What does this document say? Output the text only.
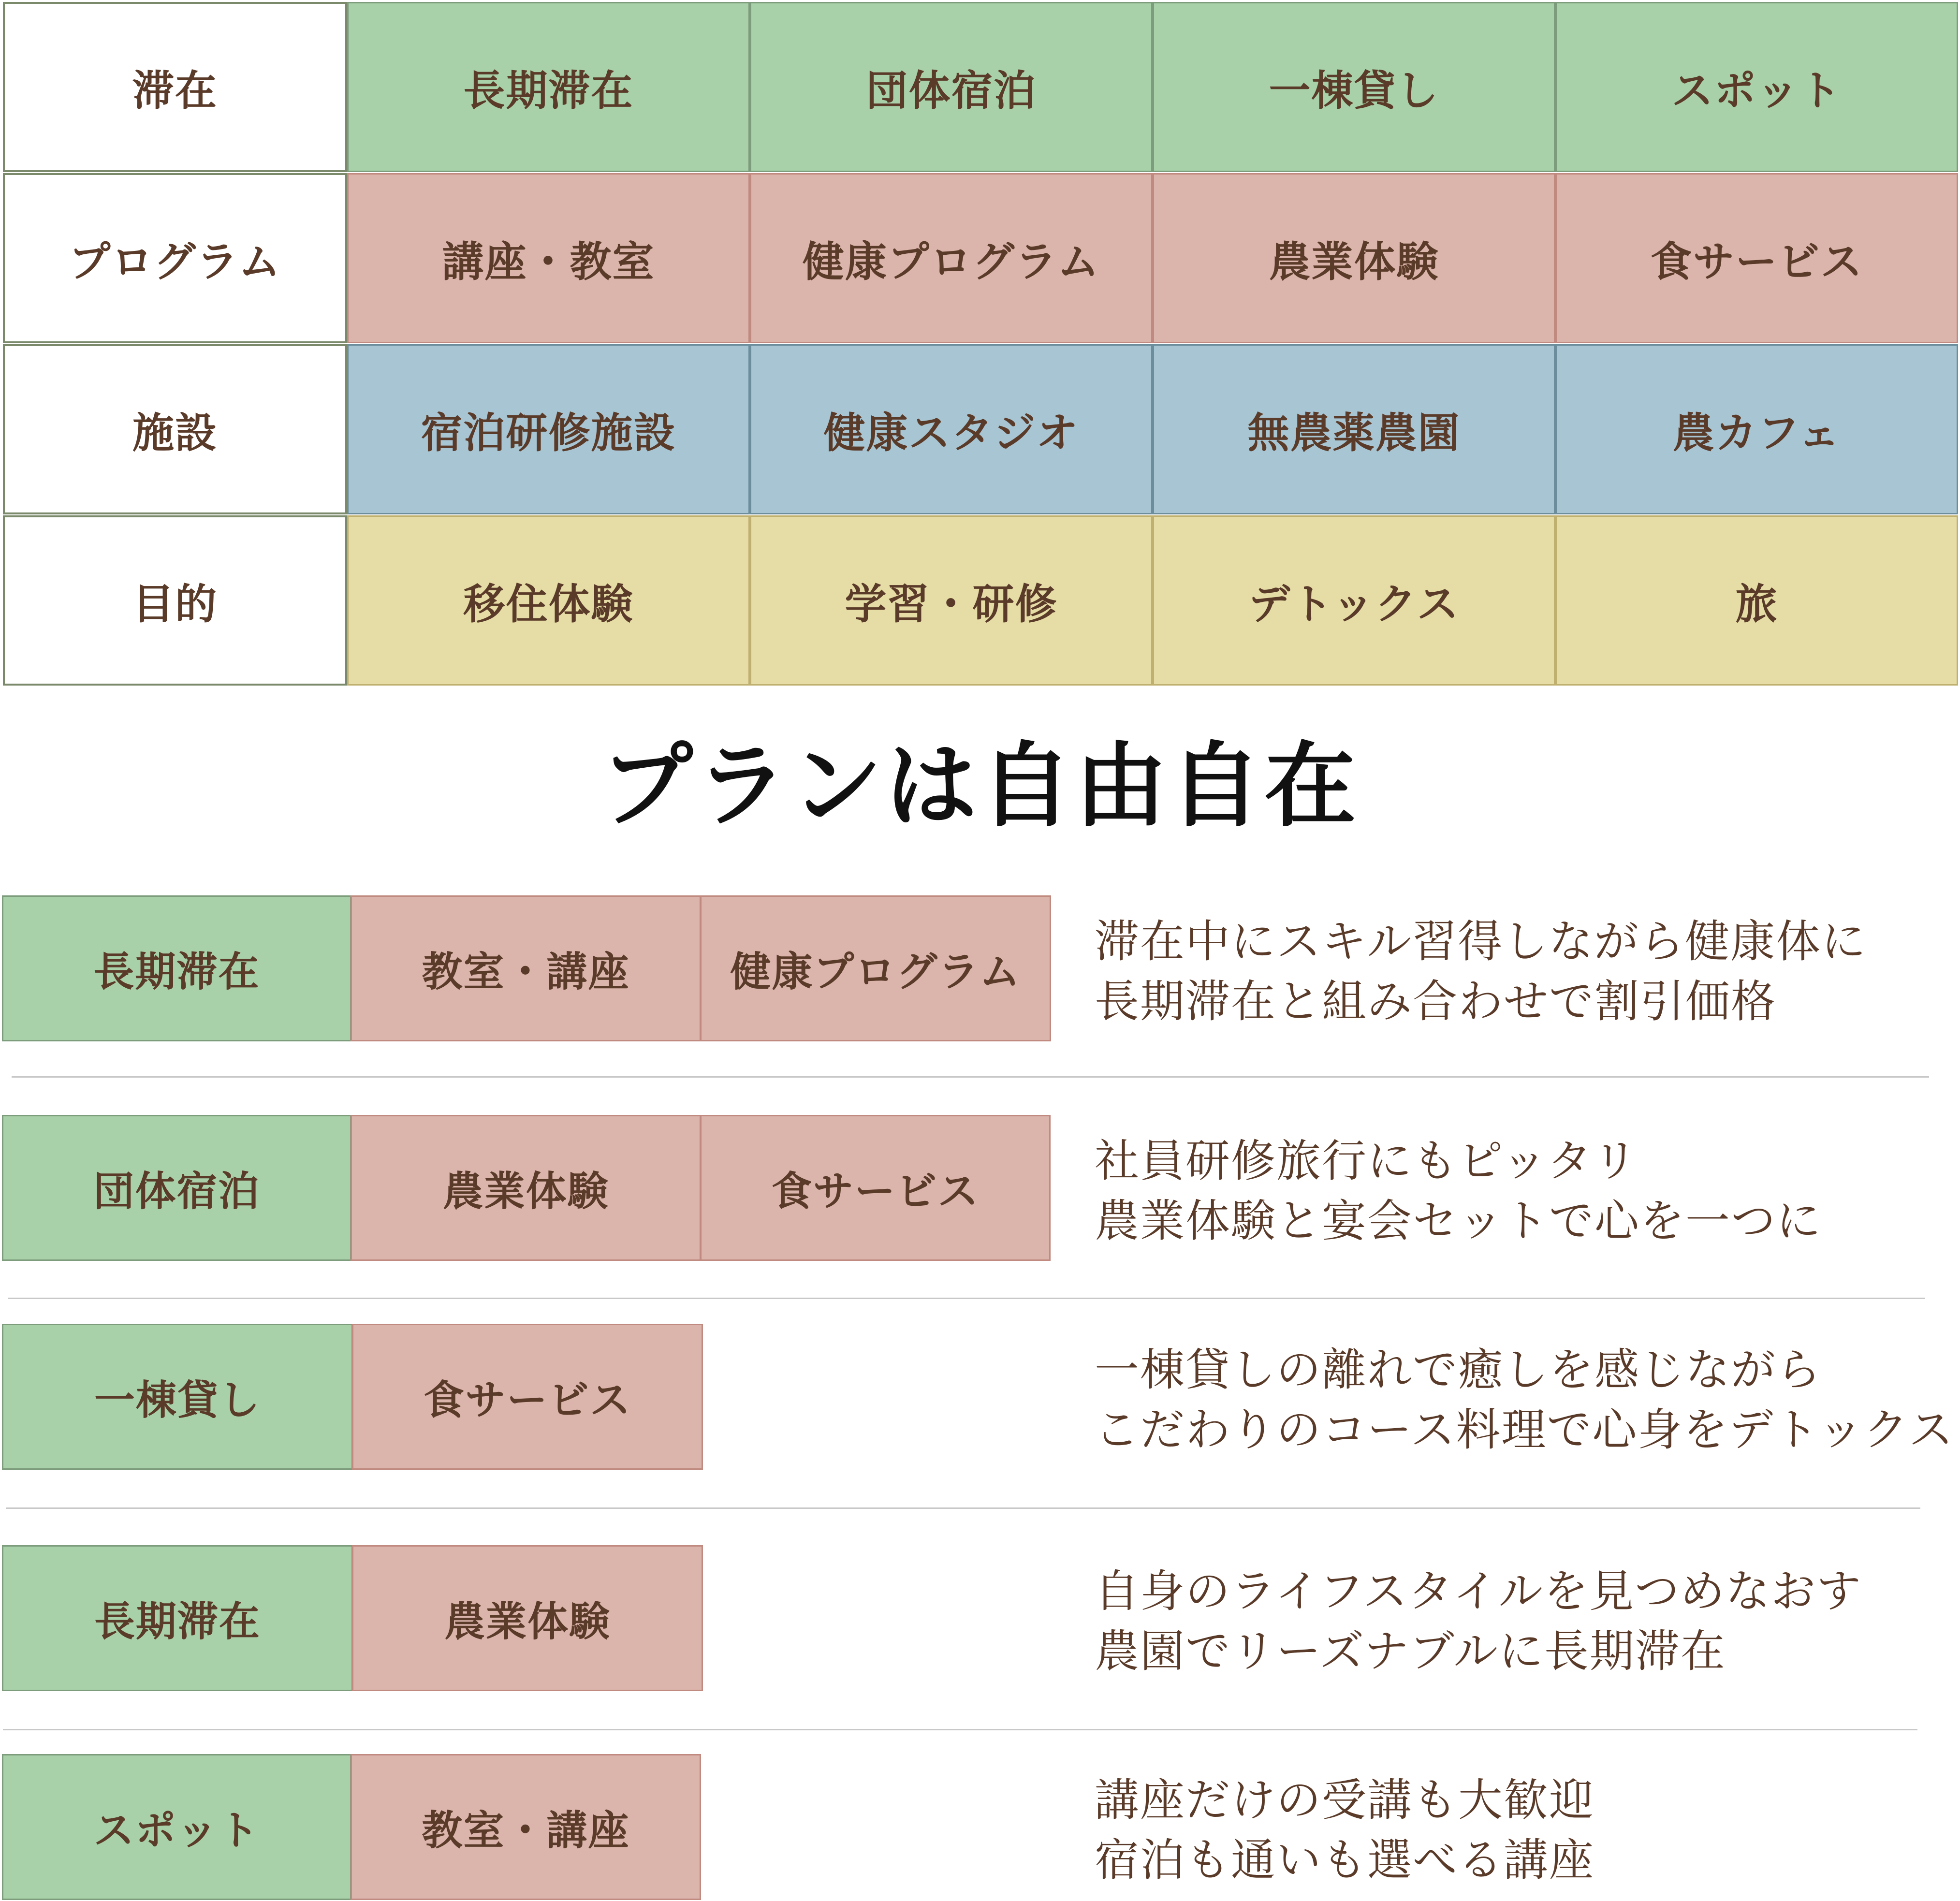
滞在	長期滞在	団体宿泊	一棟貸し	スポット
プログラム	講座・教室	健康プログラム	農業体験	食サービス
施設	宿泊研修施設	健康スタジオ	無農薬農園	農カフェ
目的	移住体験	学習・研修	デトックス	旅
プランは自由自在
長期滞在	教室・講座	健康プログラム
滞在中にスキル習得しながら健康体に
長期滞在と組み合わせで割引価格
団体宿泊	農業体験	食サービス
社員研修旅行にもピッタリ
農業体験と宴会セットで心を一つに
一棟貸し	食サービス
一棟貸しの離れで癒しを感じながら
こだわりのコース料理で心身をデトックス
長期滞在	農業体験
自身のライフスタイルを見つめなおす
農園でリーズナブルに長期滞在
スポット	教室・講座
講座だけの受講も大歓迎
宿泊も通いも選べる講座
